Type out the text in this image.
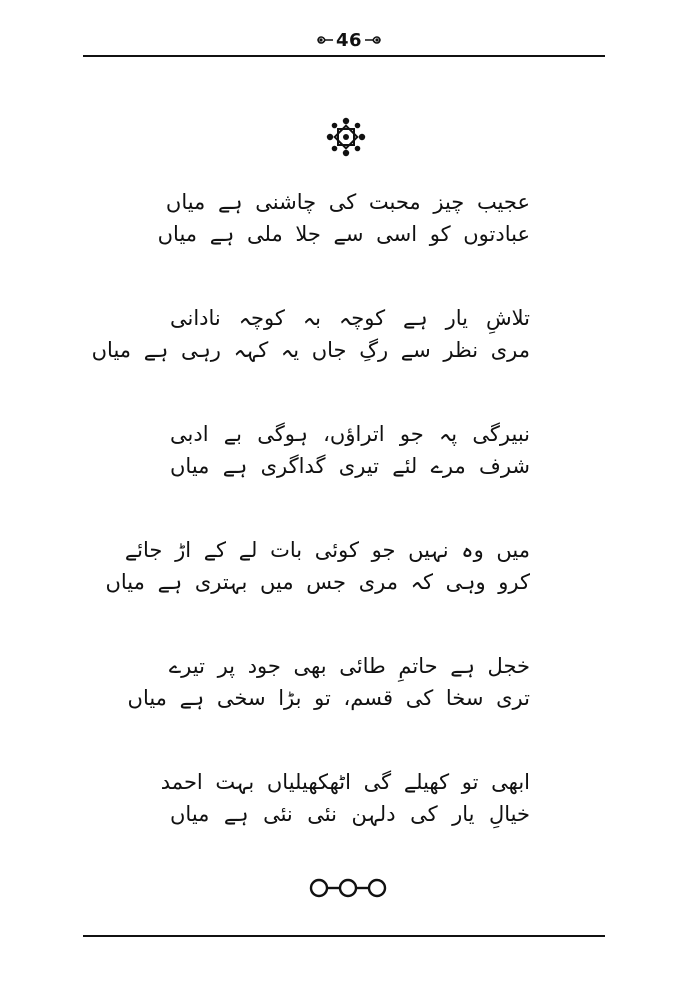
46
عجیب چیز محبت کی چاشنی ہے میاں
عبادتوں کو اسی سے جلا ملی ہے میاں
تلاشِ یار ہے کوچہ بہ کوچہ نادانی
مری نظر سے رگِ جاں یہ کہہ رہی ہے میاں
نبیرگی پہ جو اتراؤں، ہوگی بے ادبی
شرف مرے لئے تیری گداگری ہے میاں
میں وہ نہیں جو کوئی بات لے کے اڑ جائے
کرو وہی کہ مری جس میں بہتری ہے میاں
خجل ہے حاتمِ طائی بھی جود پر تیرے
تری سخا کی قسم، تو بڑا سخی ہے میاں
ابھی تو کھیلے گی اٹھکھیلیاں بہت احمد
خیالِ یار کی دلہن نئی نئی ہے میاں
